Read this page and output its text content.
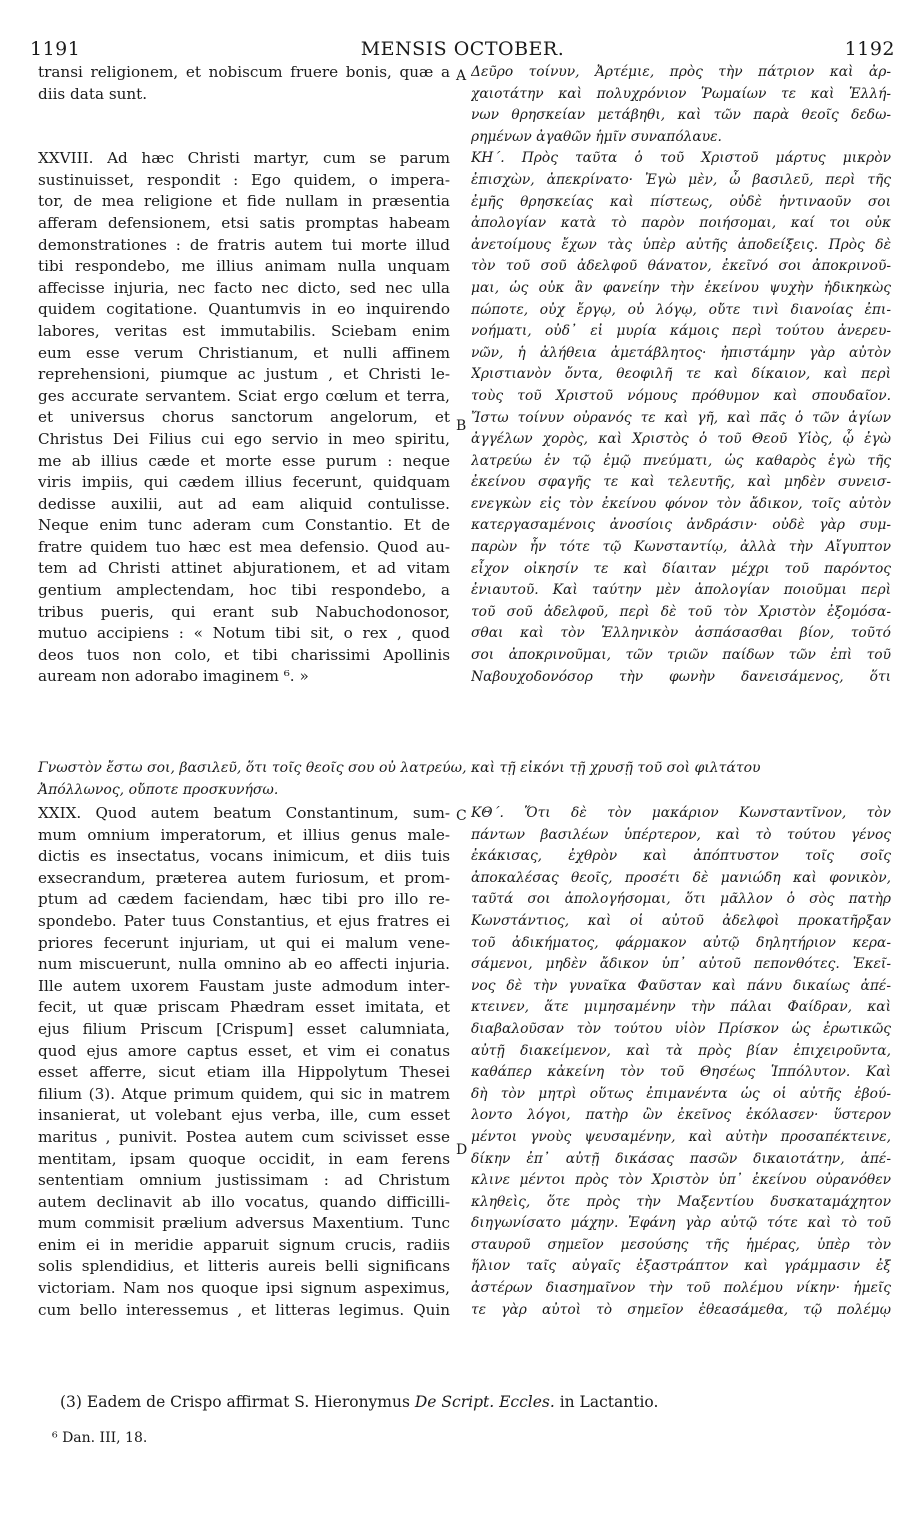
1191	MENSIS OCTOBER.	1192
transi religionem, et nobiscum fruere bonis, quæ a
diis data sunt.
XXVIII. Ad hæc Christi martyr, cum se parum
sustinuisset, respondit : Ego quidem, o impera-
tor, de mea religione et fide nullam in præsentia
afferam defensionem, etsi satis promptas habeam
demonstrationes : de fratris autem tui morte illud
tibi respondebo, me illius animam nulla unquam
affecisse injuria, nec facto nec dicto, sed nec ulla
quidem cogitatione. Quantumvis in eo inquirendo
labores, veritas est immutabilis. Sciebam enim
eum esse verum Christianum, et nulli affinem
reprehensioni, piumque ac justum , et Christi le-
ges accurate servantem. Sciat ergo cœlum et terra,
et universus chorus sanctorum angelorum, et
Christus Dei Filius cui ego servio in meo spiritu,
me ab illius cæde et morte esse purum : neque
viris impiis, qui cædem illius fecerunt, quidquam
dedisse auxilii, aut ad eam aliquid contulisse.
Neque enim tunc aderam cum Constantio. Et de
fratre quidem tuo hæc est mea defensio. Quod au-
tem ad Christi attinet abjurationem, et ad vitam
gentium amplectendam, hoc tibi respondebo, a
tribus pueris, qui erant sub Nabuchodonosor,
mutuo accipiens : « Notum tibi sit, o rex , quod
deos tuos non colo, et tibi charissimi Apollinis
auream non adorabo imaginem ⁶. »
Δεῦρο τοίνυν, Ἀρτέμιε, πρὸς τὴν πάτριον καὶ ἀρ-
χαιοτάτην καὶ πολυχρόνιον Ῥωμαίων τε καὶ Ἑλλή-
νων θρησκείαν μετάβηθι, καὶ τῶν παρὰ θεοῖς δεδω-
ρημένων ἀγαθῶν ἡμῖν συναπόλαυε.
ΚΗ΄. Πρὸς ταῦτα ὁ τοῦ Χριστοῦ μάρτυς μικρὸν
ἐπισχὼν, ἀπεκρίνατο· Ἐγὼ μὲν, ὦ βασιλεῦ, περὶ τῆς
ἐμῆς θρησκείας καὶ πίστεως, οὐδὲ ἡντιναοῦν σοι
ἀπολογίαν κατὰ τὸ παρὸν ποιήσομαι, καί τοι οὐκ
ἀνετοίμους ἔχων τὰς ὑπὲρ αὐτῆς ἀποδείξεις. Πρὸς δὲ
τὸν τοῦ σοῦ ἀδελφοῦ θάνατον, ἐκεῖνό σοι ἀποκρινοῦ-
μαι, ὡς οὐκ ἂν φανείην τὴν ἐκείνου ψυχὴν ἠδικηκὼς
πώποτε, οὐχ ἔργῳ, οὐ λόγῳ, οὔτε τινὶ διανοίας ἐπι-
νοήματι, οὐδ᾽ εἰ μυρία κάμοις περὶ τούτου ἀνερευ-
νῶν, ἡ ἀλήθεια ἀμετάβλητος· ἠπιστάμην γὰρ αὐτὸν
Χριστιανὸν ὄντα, θεοφιλῆ τε καὶ δίκαιον, καὶ περὶ
τοὺς τοῦ Χριστοῦ νόμους πρόθυμον καὶ σπουδαῖον.
Ἴστω τοίνυν οὐρανός τε καὶ γῆ, καὶ πᾶς ὁ τῶν ἁγίων
ἀγγέλων χορὸς, καὶ Χριστὸς ὁ τοῦ Θεοῦ Υἱὸς, ᾧ ἐγὼ
λατρεύω ἐν τῷ ἐμῷ πνεύματι, ὡς καθαρὸς ἐγὼ τῆς
ἐκείνου σφαγῆς τε καὶ τελευτῆς, καὶ μηδὲν συνεισ-
ενεγκὼν εἰς τὸν ἐκείνου φόνον τὸν ἄδικον, τοῖς αὐτὸν
κατεργασαμένοις ἀνοσίοις ἀνδράσιν· οὐδὲ γὰρ συμ-
παρὼν ἦν τότε τῷ Κωνσταντίῳ, ἀλλὰ τὴν Αἴγυπτον
εἶχον οἰκησίν τε καὶ δίαιταν μέχρι τοῦ παρόντος
ἐνιαυτοῦ. Καὶ ταύτην μὲν ἀπολογίαν ποιοῦμαι περὶ
τοῦ σοῦ ἀδελφοῦ, περὶ δὲ τοῦ τὸν Χριστὸν ἐξομόσα-
σθαι καὶ τὸν Ἑλληνικὸν ἀσπάσασθαι βίον, τοῦτό
σοι ἀποκρινοῦμαι, τῶν τριῶν παίδων τῶν ἐπὶ τοῦ
Ναβουχοδονόσορ τὴν φωνὴν δανεισάμενος, ὅτι
Γνωστὸν ἔστω σοι, βασιλεῦ, ὅτι τοῖς θεοῖς σου οὐ λατρεύω, καὶ τῇ εἰκόνι τῇ χρυσῇ τοῦ σοὶ φιλτάτου
Ἀπόλλωνος, οὔποτε προσκυνήσω.
XXIX. Quod autem beatum Constantinum, sum-
mum omnium imperatorum, et illius genus male-
dictis es insectatus, vocans inimicum, et diis tuis
exsecrandum, præterea autem furiosum, et prom-
ptum ad cædem faciendam, hæc tibi pro illo re-
spondebo. Pater tuus Constantius, et ejus fratres ei
priores fecerunt injuriam, ut qui ei malum vene-
num miscuerunt, nulla omnino ab eo affecti injuria.
Ille autem uxorem Faustam juste admodum inter-
fecit, ut quæ priscam Phædram esset imitata, et
ejus filium Priscum [Crispum] esset calumniata,
quod ejus amore captus esset, et vim ei conatus
esset afferre, sicut etiam illa Hippolytum Thesei
filium (3). Atque primum quidem, qui sic in matrem
insanierat, ut volebant ejus verba, ille, cum esset
maritus , punivit. Postea autem cum scivisset esse
mentitam, ipsam quoque occidit, in eam ferens
sententiam omnium justissimam : ad Christum
autem declinavit ab illo vocatus, quando difficilli-
mum commisit prælium adversus Maxentium. Tunc
enim ei in meridie apparuit signum crucis, radiis
solis splendidius, et litteris aureis belli significans
victoriam. Nam nos quoque ipsi signum aspeximus,
cum bello interessemus , et litteras legimus. Quin
ΚΘ΄. Ὅτι δὲ τὸν μακάριον Κωνσταντῖνον, τὸν
πάντων βασιλέων ὑπέρτερον, καὶ τὸ τούτου γένος
ἐκάκισας, ἐχθρὸν καὶ ἀπόπτυστον τοῖς σοῖς
ἀποκαλέσας θεοῖς, προσέτι δὲ μανιώδη καὶ φονικὸν,
ταῦτά σοι ἀπολογήσομαι, ὅτι μᾶλλον ὁ σὸς πατὴρ
Κωνστάντιος, καὶ οἱ αὐτοῦ ἀδελφοὶ προκατῆρξαν
τοῦ ἀδικήματος, φάρμακον αὐτῷ δηλητήριον κερα-
σάμενοι, μηδὲν ἄδικον ὑπ᾽ αὐτοῦ πεπονθότες. Ἐκεῖ-
νος δὲ τὴν γυναῖκα Φαῦσταν καὶ πάνυ δικαίως ἀπέ-
κτεινεν, ἅτε μιμησαμένην τὴν πάλαι Φαίδραν, καὶ
διαβαλοῦσαν τὸν τούτου υἱὸν Πρίσκον ὡς ἐρωτικῶς
αὐτῇ διακείμενον, καὶ τὰ πρὸς βίαν ἐπιχειροῦντα,
καθάπερ κἀκείνη τὸν τοῦ Θησέως Ἱππόλυτον. Καὶ
δὴ τὸν μητρὶ οὕτως ἐπιμανέντα ὡς οἱ αὐτῆς ἐβού-
λοντο λόγοι, πατὴρ ὢν ἐκεῖνος ἐκόλασεν· ὕστερον
μέντοι γνοὺς ψευσαμένην, καὶ αὐτὴν προσαπέκτεινε,
δίκην ἐπ᾽ αὐτῇ δικάσας πασῶν δικαιοτάτην, ἀπέ-
κλινε μέντοι πρὸς τὸν Χριστὸν ὑπ᾽ ἐκείνου οὐρανόθεν
κληθεὶς, ὅτε πρὸς τὴν Μαξεντίου δυσκαταμάχητον
διηγωνίσατο μάχην. Ἐφάνη γὰρ αὐτῷ τότε καὶ τὸ τοῦ
σταυροῦ σημεῖον μεσούσης τῆς ἡμέρας, ὑπὲρ τὸν
ἥλιον ταῖς αὐγαῖς ἐξαστράπτον καὶ γράμμασιν ἐξ
ἀστέρων διασημαῖνον τὴν τοῦ πολέμου νίκην· ἡμεῖς
τε γὰρ αὐτοὶ τὸ σημεῖον ἐθεασάμεθα, τῷ πολέμῳ
A
B
C
D
(3) Eadem de Crispo affirmat S. Hieronymus De Script. Eccles. in Lactantio.
⁶ Dan. III, 18.
